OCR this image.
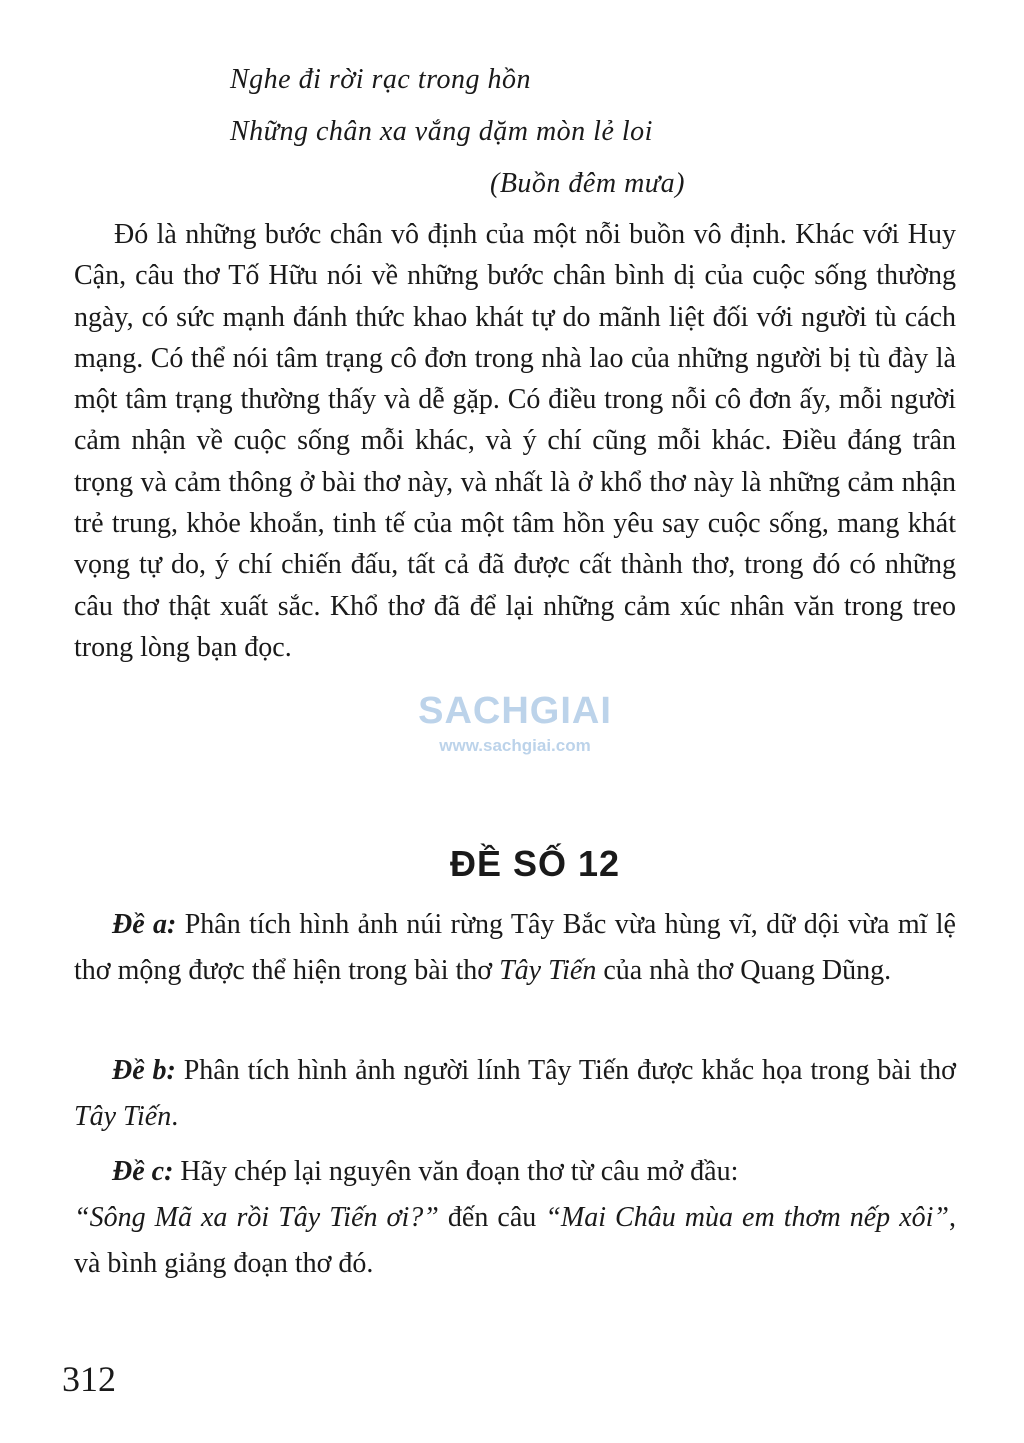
Nghe đi rời rạc trong hồn
Những chân xa vắng dặm mòn lẻ loi
(Buồn đêm mưa)

Đó là những bước chân vô định của một nỗi buồn vô định. Khác với Huy Cận, câu thơ Tố Hữu nói về những bước chân bình dị của cuộc sống thường ngày, có sức mạnh đánh thức khao khát tự do mãnh liệt đối với người tù cách mạng. Có thể nói tâm trạng cô đơn trong nhà lao của những người bị tù đày là một tâm trạng thường thấy và dễ gặp. Có điều trong nỗi cô đơn ấy, mỗi người cảm nhận về cuộc sống mỗi khác, và ý chí cũng mỗi khác. Điều đáng trân trọng và cảm thông ở bài thơ này, và nhất là ở khổ thơ này là những cảm nhận trẻ trung, khỏe khoắn, tinh tế của một tâm hồn yêu say cuộc sống, mang khát vọng tự do, ý chí chiến đấu, tất cả đã được cất thành thơ, trong đó có những câu thơ thật xuất sắc. Khổ thơ đã để lại những cảm xúc nhân văn trong treo trong lòng bạn đọc.

SACHGIAI
www.sachgiai.com
ĐỀ SỐ 12

Đề a: Phân tích hình ảnh núi rừng Tây Bắc vừa hùng vĩ, dữ dội vừa mĩ lệ thơ mộng được thể hiện trong bài thơ Tây Tiến của nhà thơ Quang Dũng.

Đề b: Phân tích hình ảnh người lính Tây Tiến được khắc họa trong bài thơ Tây Tiến.

Đề c: Hãy chép lại nguyên văn đoạn thơ từ câu mở đầu:
“Sông Mã xa rồi Tây Tiến ơi?” đến câu “Mai Châu mùa em thơm nếp xôi”, và bình giảng đoạn thơ đó.

312
